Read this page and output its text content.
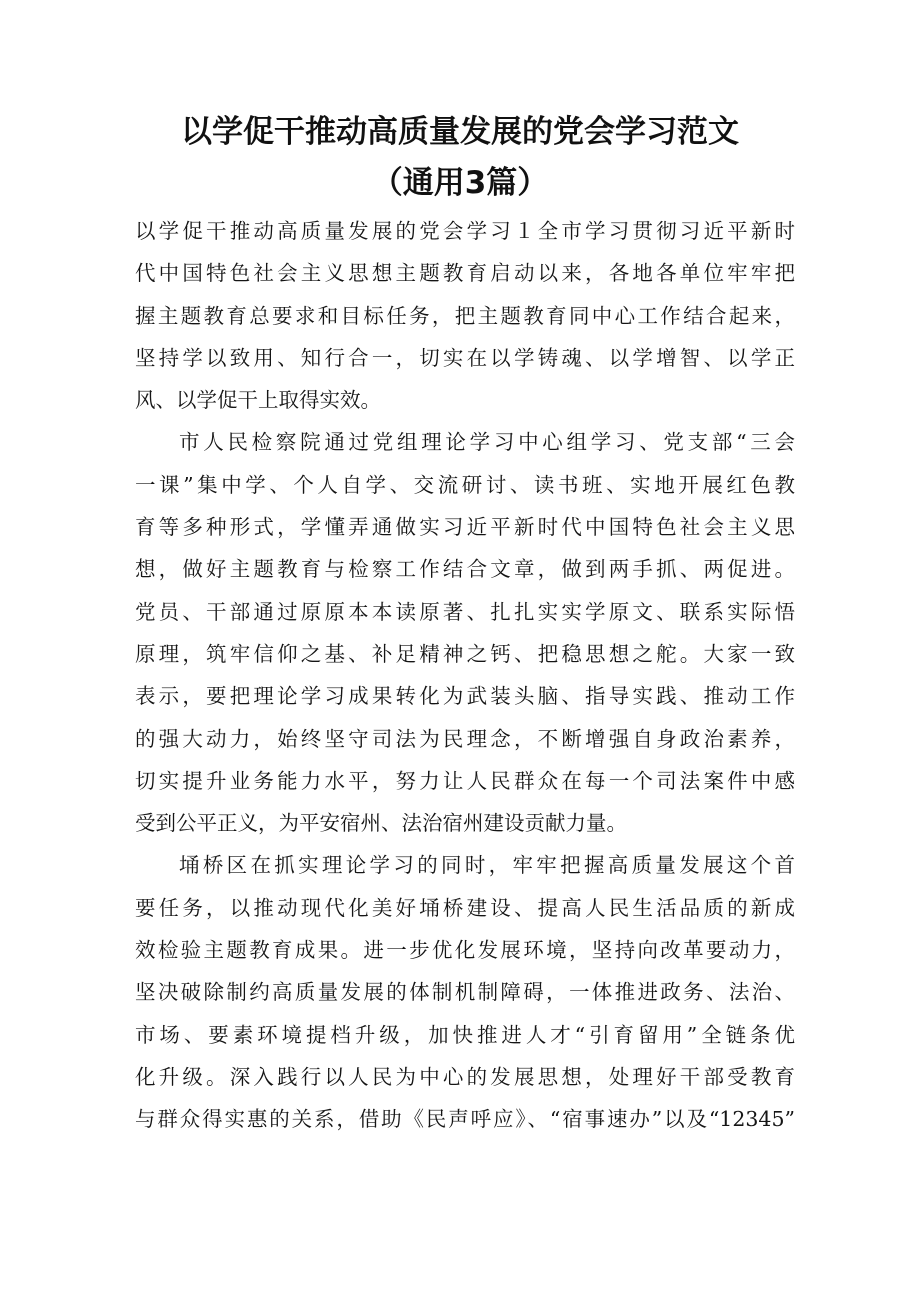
以学促干推动高质量发展的党会学习范文
（通用3篇）
以学促干推动高质量发展的党会学习１全市学习贯彻习近平新时
代中国特色社会主义思想主题教育启动以来，各地各单位牢牢把
握主题教育总要求和目标任务，把主题教育同中心工作结合起来，
坚持学以致用、知行合一，切实在以学铸魂、以学增智、以学正
风、以学促干上取得实效。
市人民检察院通过党组理论学习中心组学习、党支部“三会
一课”集中学、个人自学、交流研讨、读书班、实地开展红色教
育等多种形式，学懂弄通做实习近平新时代中国特色社会主义思
想，做好主题教育与检察工作结合文章，做到两手抓、两促进。
党员、干部通过原原本本读原著、扎扎实实学原文、联系实际悟
原理，筑牢信仰之基、补足精神之钙、把稳思想之舵。大家一致
表示，要把理论学习成果转化为武装头脑、指导实践、推动工作
的强大动力，始终坚守司法为民理念，不断增强自身政治素养，
切实提升业务能力水平，努力让人民群众在每一个司法案件中感
受到公平正义，为平安宿州、法治宿州建设贡献力量。
埇桥区在抓实理论学习的同时，牢牢把握高质量发展这个首
要任务，以推动现代化美好埇桥建设、提高人民生活品质的新成
效检验主题教育成果。进一步优化发展环境，坚持向改革要动力，
坚决破除制约高质量发展的体制机制障碍，一体推进政务、法治、
市场、要素环境提档升级，加快推进人才“引育留用”全链条优
化升级。深入践行以人民为中心的发展思想，处理好干部受教育
与群众得实惠的关系，借助《民声呼应》、“宿事速办”以及“12345”
